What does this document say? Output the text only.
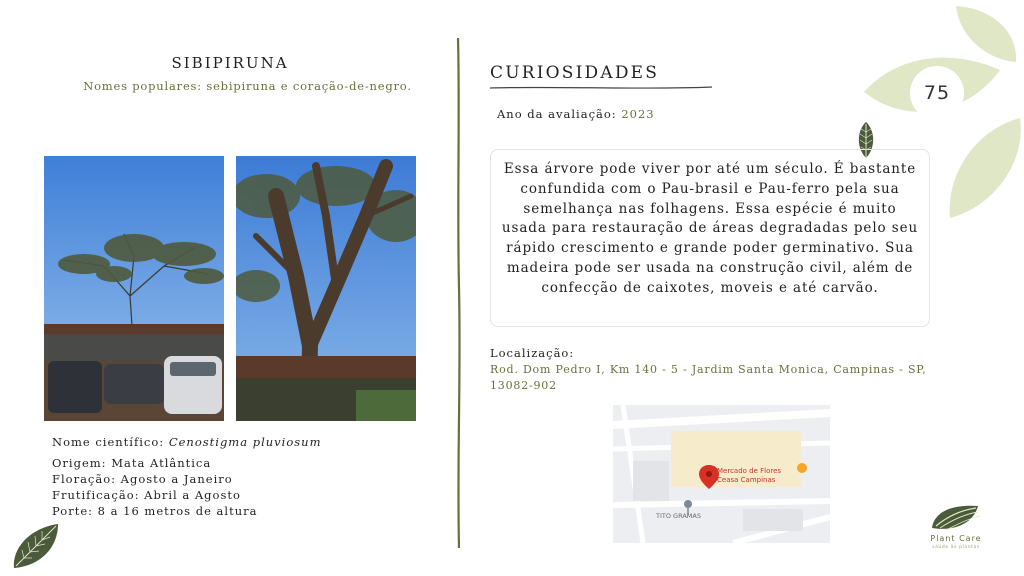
75
SIBIPIRUNA
Nomes populares: sebipiruna e coração-de-negro.
Nome científico: Cenostigma pluviosum
Origem: Mata Atlântica
Floração: Agosto a Janeiro
Frutificação: Abril a Agosto
Porte: 8 a 16 metros de altura
CURIOSIDADES
Ano da avaliação: 2023

Essa árvore pode viver por até um século. É bastante confundida com o Pau-brasil e Pau-ferro pela sua semelhança nas folhagens. Essa espécie é muito usada para restauração de áreas degradadas pelo seu rápido crescimento e grande poder germinativo. Sua madeira pode ser usada na construção civil, além de confecção de caixotes, moveis e até carvão.

Localização:
Rod. Dom Pedro I, Km 140 - 5 - Jardim Santa Monica, Campinas - SP, 13082-902
Mercado de Flores
Ceasa Campinas
TITO GRAMAS
Plant Care
saúde às plantas
